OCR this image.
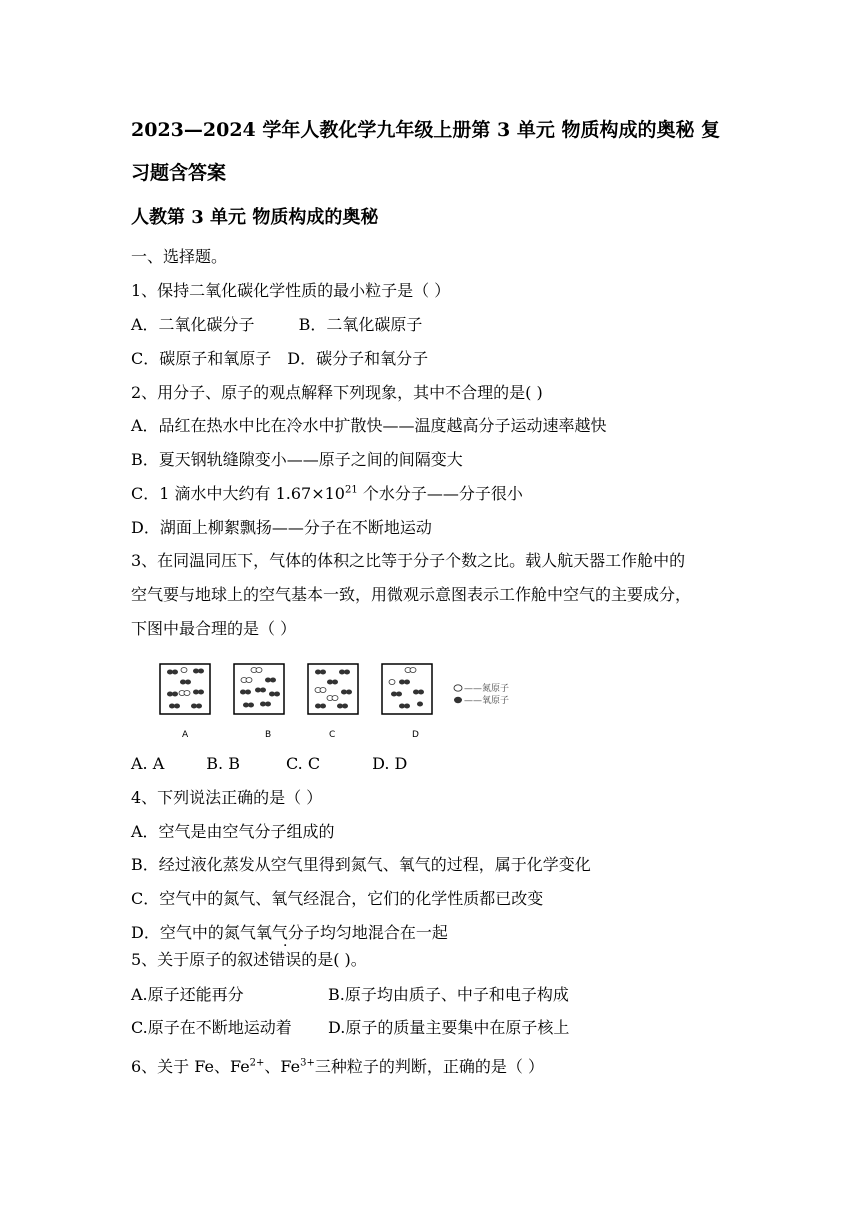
2023—2024 学年人教化学九年级上册第 3 单元 物质构成的奥秘 复
习题含答案
人教第 3 单元 物质构成的奥秘
一、选择题。
1、保持二氧化碳化学性质的最小粒子是（ ）
A．二氧化碳分子	B．二氧化碳原子
C．碳原子和氧原子 D．碳分子和氧分子
2、用分子、原子的观点解释下列现象，其中不合理的是( )
A．品红在热水中比在冷水中扩散快——温度越高分子运动速率越快
B．夏天钢轨缝隙变小——原子之间的间隔变大
C．1 滴水中大约有 $1.67\times 10^{21}$ 个水分子——分子很小
D．湖面上柳絮飘扬——分子在不断地运动
3、在同温同压下，气体的体积之比等于分子个数之比。载人航天器工作舱中的
空气要与地球上的空气基本一致，用微观示意图表示工作舱中空气的主要成分，
下图中最合理的是（ ）
A	B	C	D
——氮原子
——氧原子
A. A	B. B	C. C	D. D
4、下列说法正确的是（ ）
A．空气是由空气分子组成的
B．经过液化蒸发从空气里得到氮气、氧气的过程，属于化学变化
C．空气中的氮气、氧气经混合，它们的化学性质都已改变
D．空气中的氮气氧气分子均匀地混合在一起
5、关于原子的叙述错误的是( )。
A.原子还能再分	B.原子均由质子、中子和电子构成
C.原子在不断地运动着 D.原子的质量主要集中在原子核上
6、关于 Fe、$Fe^{2+}$、$Fe^{3+}$三种粒子的判断，正确的是（ ）
